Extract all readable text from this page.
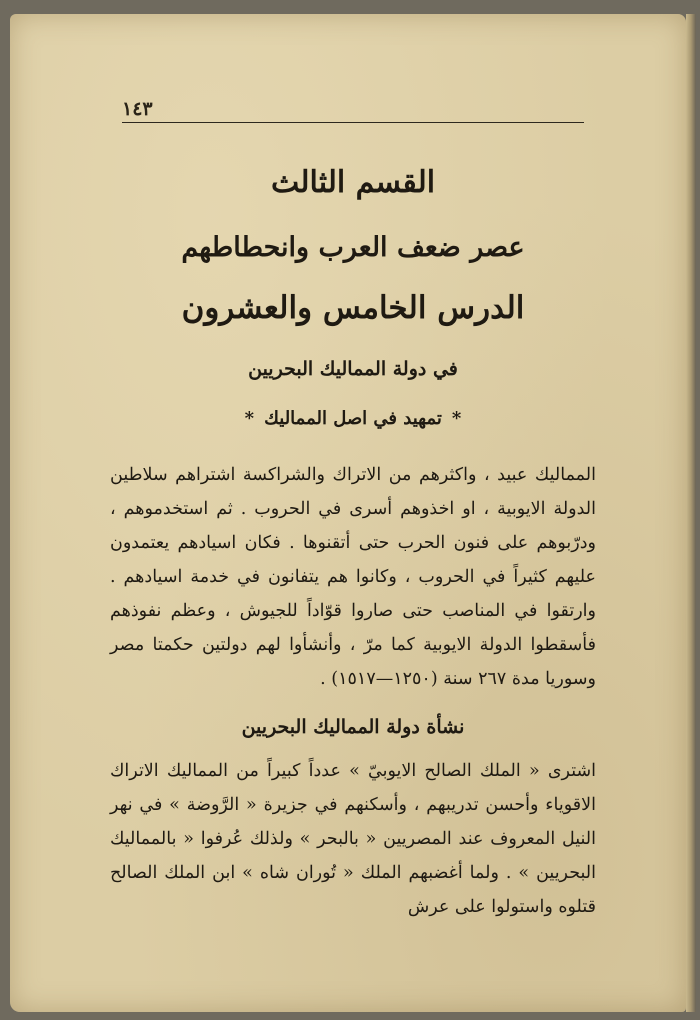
١٤٣
القسم الثالث
عصر ضعف العرب وانحطاطهم
الدرس الخامس والعشرون
في دولة المماليك البحريين
*تمهيد في اصل المماليك*

المماليك عبيد ، واكثرهم من الاتراك والشراكسة اشتراهم سلاطين الدولة الايوبية ، او اخذوهم أسرى في الحروب . ثم استخدموهم ، ودرّبوهم على فنون الحرب حتى أتقنوها . فكان اسيادهم يعتمدون عليهم كثيراً في الحروب ، وكانوا هم يتفانون في خدمة اسيادهم . وارتقوا في المناصب حتى صاروا قوّاداً للجيوش ، وعظم نفوذهم فأسقطوا الدولة الايوبية كما مرّ ، وأنشأوا لهم دولتين حكمتا مصر وسوريا مدة ٢٦٧ سنة (١٢٥٠—١٥١٧) .

نشأة دولة المماليك البحريين

اشترى « الملك الصالح الايوبيّ » عدداً كبيراً من المماليك الاتراك الاقوياء وأحسن تدريبهم ، وأسكنهم في جزيرة « الرَّوضة » في نهر النيل المعروف عند المصريين « بالبحر » ولذلك عُرفوا « بالمماليك البحريين » . ولما أغضبهم الملك « تُوران شاه » ابن الملك الصالح قتلوه واستولوا على عرش
